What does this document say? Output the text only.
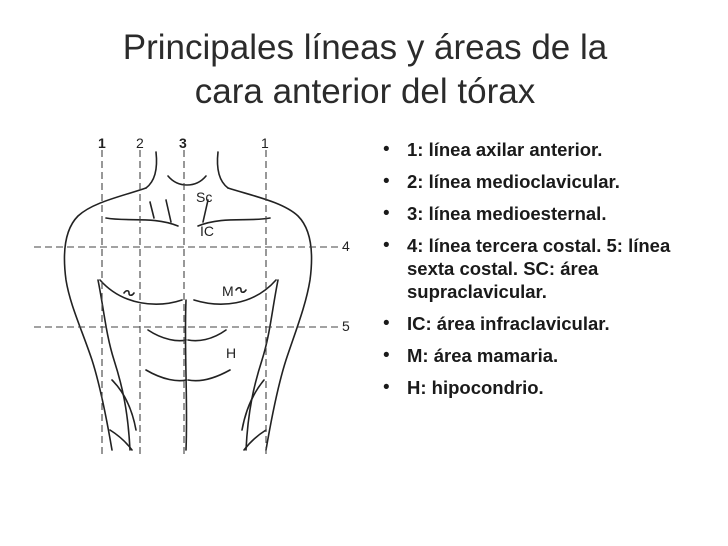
Principales líneas y áreas de la
cara anterior del tórax
1 2	3	1
4
5
Sc
IC
M
H
• 1: línea axilar anterior.
• 2: línea medioclavicular.
• 3: línea medioesternal.
• 4: línea tercera costal. 5: línea sexta costal. SC: área supraclavicular.
• IC: área infraclavicular.
• M: área mamaria.
• H: hipocondrio.
